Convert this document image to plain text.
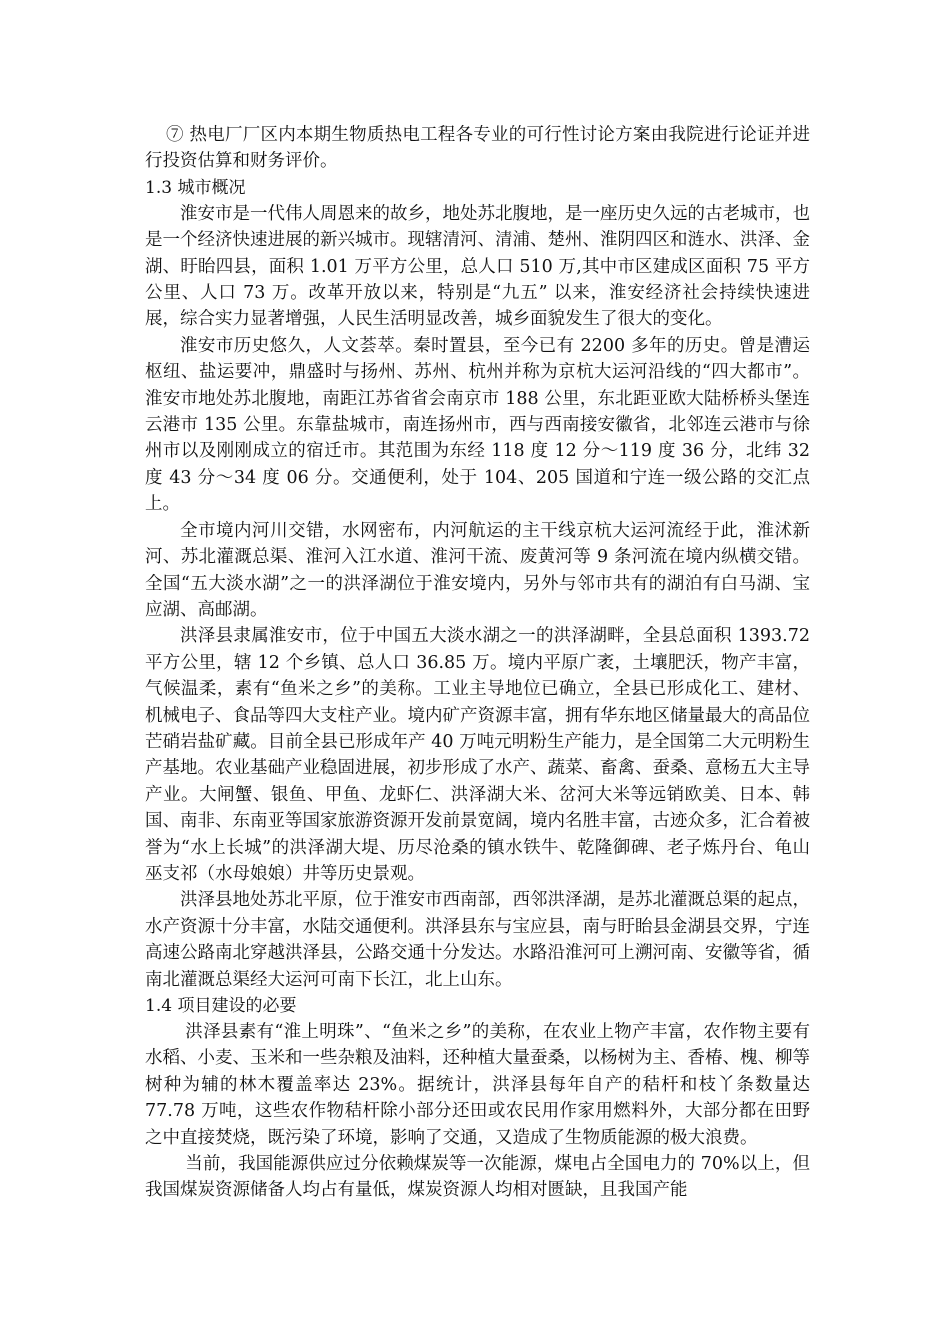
⑦ 热电厂厂区内本期生物质热电工程各专业的可行性讨论方案由我院进行论证并进行投资估算和财务评价。

1.3 城市概况

淮安市是一代伟人周恩来的故乡，地处苏北腹地，是一座历史久远的古老城市，也是一个经济快速进展的新兴城市。现辖清河、清浦、楚州、淮阴四区和涟水、洪泽、金湖、盱眙四县，面积 1.01 万平方公里，总人口 510 万,其中市区建成区面积 75 平方公里、人口 73 万。改革开放以来，特别是“九五” 以来，淮安经济社会持续快速进展，综合实力显著增强，人民生活明显改善，城乡面貌发生了很大的变化。

淮安市历史悠久，人文荟萃。秦时置县，至今已有 2200 多年的历史。曾是漕运枢纽、盐运要冲，鼎盛时与扬州、苏州、杭州并称为京杭大运河沿线的“四大都市”。淮安市地处苏北腹地，南距江苏省省会南京市 188 公里，东北距亚欧大陆桥桥头堡连云港市 135 公里。东靠盐城市，南连扬州市，西与西南接安徽省，北邻连云港市与徐州市以及刚刚成立的宿迁市。其范围为东经 118 度 12 分～119 度 36 分，北纬 32 度 43 分～34 度 06 分。交通便利，处于 104、205 国道和宁连一级公路的交汇点上。

全市境内河川交错，水网密布，内河航运的主干线京杭大运河流经于此，淮沭新河、苏北灌溉总渠、淮河入江水道、淮河干流、废黄河等 9 条河流在境内纵横交错。全国“五大淡水湖”之一的洪泽湖位于淮安境内，另外与邻市共有的湖泊有白马湖、宝应湖、高邮湖。

洪泽县隶属淮安市，位于中国五大淡水湖之一的洪泽湖畔，全县总面积 1393.72 平方公里，辖 12 个乡镇、总人口 36.85 万。境内平原广袤，土壤肥沃，物产丰富，气候温柔，素有“鱼米之乡”的美称。工业主导地位已确立，全县已形成化工、建材、机械电子、食品等四大支柱产业。境内矿产资源丰富，拥有华东地区储量最大的高品位芒硝岩盐矿藏。目前全县已形成年产 40 万吨元明粉生产能力，是全国第二大元明粉生产基地。农业基础产业稳固进展，初步形成了水产、蔬菜、畜禽、蚕桑、意杨五大主导产业。大闸蟹、银鱼、甲鱼、龙虾仁、洪泽湖大米、岔河大米等远销欧美、日本、韩国、南非、东南亚等国家旅游资源开发前景宽阔，境内名胜丰富，古迹众多，汇合着被誉为“水上长城”的洪泽湖大堤、历尽沧桑的镇水铁牛、乾隆御碑、老子炼丹台、龟山巫支祁（水母娘娘）井等历史景观。

洪泽县地处苏北平原，位于淮安市西南部，西邻洪泽湖，是苏北灌溉总渠的起点，水产资源十分丰富，水陆交通便利。洪泽县东与宝应县，南与盱眙县金湖县交界，宁连高速公路南北穿越洪泽县，公路交通十分发达。水路沿淮河可上溯河南、安徽等省，循南北灌溉总渠经大运河可南下长江，北上山东。

1.4 项目建设的必要

洪泽县素有“淮上明珠”、“鱼米之乡”的美称，在农业上物产丰富，农作物主要有水稻、小麦、玉米和一些杂粮及油料，还种植大量蚕桑，以杨树为主、香椿、槐、柳等树种为辅的林木覆盖率达 23%。据统计，洪泽县每年自产的秸杆和枝丫条数量达 77.78 万吨，这些农作物秸杆除小部分还田或农民用作家用燃料外，大部分都在田野之中直接焚烧，既污染了环境，影响了交通，又造成了生物质能源的极大浪费。

当前，我国能源供应过分依赖煤炭等一次能源，煤电占全国电力的 70%以上，但我国煤炭资源储备人均占有量低，煤炭资源人均相对匮缺，且我国产能
